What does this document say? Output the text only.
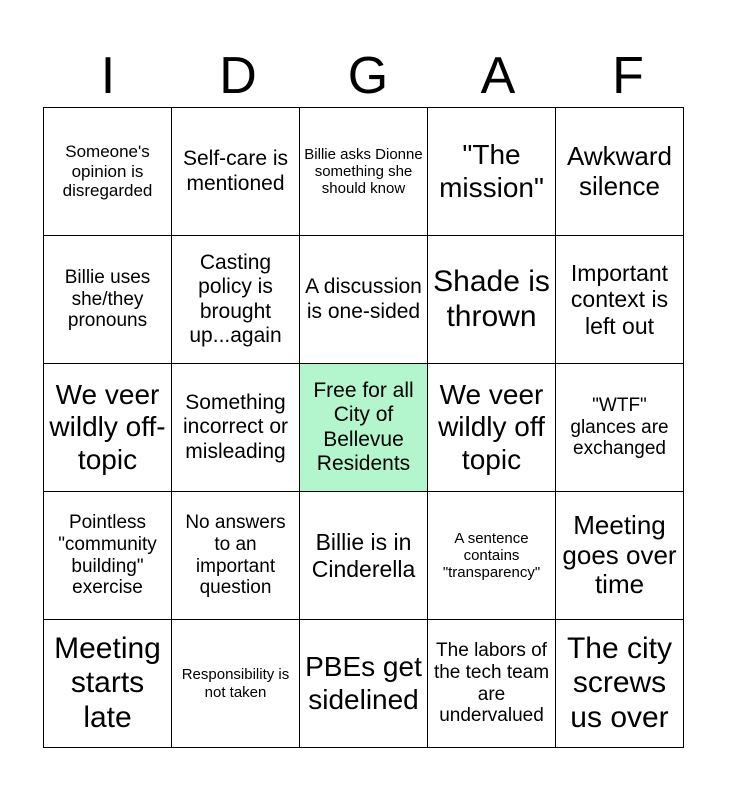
I	D	G	A	F
Someone's opinion is disregarded	Self-care is mentioned	Billie asks Dionne something she should know	"The mission"	Awkward silence
Billie uses she/they pronouns	Casting policy is brought up...again	A discussion is one-sided	Shade is thrown	Important context is left out
We veer wildly off-topic	Something incorrect or misleading	Free for all City of Bellevue Residents	We veer wildly off topic	"WTF" glances are exchanged
Pointless "community building" exercise	No answers to an important question	Billie is in Cinderella	A sentence contains "transparency"	Meeting goes over time
Meeting starts late	Responsibility is not taken	PBEs get sidelined	The labors of the tech team are undervalued	The city screws us over
